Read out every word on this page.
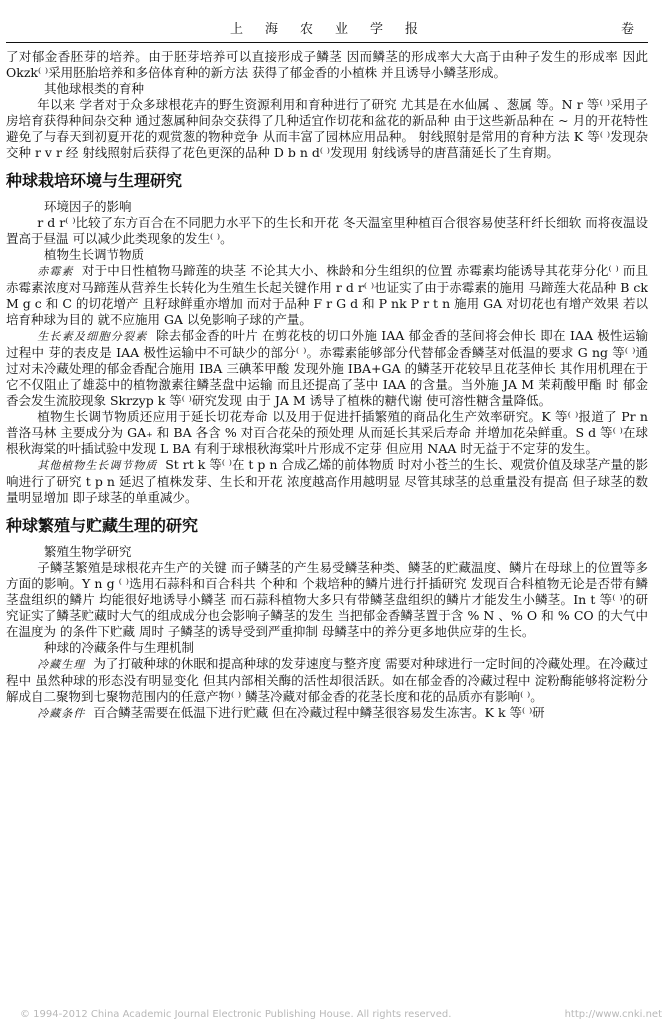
上海农业学报	卷

了对郁金香胚芽的培养。由于胚芽培养可以直接形成子鳞茎 因而鳞茎的形成率大大高于由种子发生的形成率 因此 Okzk⁽ ⁾采用胚胎培养和多倍体育种的新方法 获得了郁金香的小植株 并且诱导小鳞茎形成。

其他球根类的育种

年以来 学者对于众多球根花卉的野生资源利用和育种进行了研究 尤其是在水仙属 、葱属 等。N r 等⁽ ⁾采用子房培育获得种间杂交种 通过葱属种间杂交获得了几种适宜作切花和盆花的新品种 由于这些新品种在 ~ 月的开花特性 避免了与春天到初夏开花的观赏葱的物种竞争 从而丰富了园林应用品种。 射线照射是常用的育种方法 K 等⁽ ⁾发现杂交种 r v r 经 射线照射后获得了花色更深的品种 D b n d⁽ ⁾发现用 射线诱导的唐菖蒲延长了生育期。

种球栽培环境与生理研究
环境因子的影响

r d r⁽ ⁾比较了东方百合在不同肥力水平下的生长和开花 冬天温室里种植百合很容易使茎秆纤长细软 而将夜温设置高于昼温 可以减少此类现象的发生⁽ ⁾。

植物生长调节物质

赤霉素 对于中日性植物马蹄莲的块茎 不论其大小、株龄和分生组织的位置 赤霉素均能诱导其花芽分化⁽ ⁾ 而且赤霉素浓度对马蹄莲从营养生长转化为生殖生长起关键作用 r d r⁽ ⁾也证实了由于赤霉素的施用 马蹄莲大花品种 B ck M g c 和 C 的切花增产 且籽球鲜重亦增加 而对于品种 F r G d 和 P nk P r t n 施用 GA 对切花也有增产效果 若以培育种球为目的 就不应施用 GA 以免影响子球的产量。

生长素及细胞分裂素 除去郁金香的叶片 在剪花枝的切口外施 IAA 郁金香的茎间将会伸长 即在 IAA 极性运输过程中 芽的表皮是 IAA 极性运输中不可缺少的部分⁽ ⁾。赤霉素能够部分代替郁金香鳞茎对低温的要求 G ng 等⁽ ⁾通过对未冷藏处理的郁金香配合施用 IBA 三碘苯甲酸 发现外施 IBA+GA 的鳞茎开花较早且花茎伸长 其作用机理在于它不仅阻止了雄蕊中的植物激素往鳞茎盘中运输 而且还提高了茎中 IAA 的含量。当外施 JA M 茉莉酸甲酯 时 郁金香会发生流胶现象 Skrzyp k 等⁽ ⁾研究发现 由于 JA M 诱导了植株的糖代谢 使可溶性糖含量降低。

植物生长调节物质还应用于延长切花寿命 以及用于促进扦插繁殖的商品化生产效率研究。K 等⁽ ⁾报道了 Pr n 普洛马林 主要成分为 GA₊ 和 BA 各含 % 对百合花朵的预处理 从而延长其采后寿命 并增加花朵鲜重。S d 等⁽ ⁾在球根秋海棠的叶插试验中发现 L BA 有利于球根秋海棠叶片形成不定芽 但应用 NAA 时无益于不定芽的发生。

其他植物生长调节物质 St rt k 等⁽ ⁾在 t p n 合成乙烯的前体物质 时对小苍兰的生长、观赏价值及球茎产量的影响进行了研究 t p n 延迟了植株发芽、生长和开花 浓度越高作用越明显 尽管其球茎的总重量没有提高 但子球茎的数量明显增加 即子球茎的单重减少。

种球繁殖与贮藏生理的研究
繁殖生物学研究

子鳞茎繁殖是球根花卉生产的关键 而子鳞茎的产生易受鳞茎种类、鳞茎的贮藏温度、鳞片在母球上的位置等多方面的影响。Y n g ⁽ ⁾选用石蒜科和百合科共 个种和 个栽培种的鳞片进行扦插研究 发现百合科植物无论是否带有鳞茎盘组织的鳞片 均能很好地诱导小鳞茎 而石蒜科植物大多只有带鳞茎盘组织的鳞片才能发生小鳞茎。In t 等⁽ ⁾的研究证实了鳞茎贮藏时大气的组成成分也会影响子鳞茎的发生 当把郁金香鳞茎置于含 % N 、% O 和 % CO 的大气中 在温度为 的条件下贮藏 周时 子鳞茎的诱导受到严重抑制 母鳞茎中的养分更多地供应芽的生长。

种球的冷藏条件与生理机制

冷藏生理 为了打破种球的休眠和提高种球的发芽速度与整齐度 需要对种球进行一定时间的冷藏处理。在冷藏过程中 虽然种球的形态没有明显变化 但其内部相关酶的活性却很活跃。如在郁金香的冷藏过程中 淀粉酶能够将淀粉分解成自二聚物到七聚物范围内的任意产物⁽ ⁾ 鳞茎冷藏对郁金香的花茎长度和花的品质亦有影响⁽ ⁾。

冷藏条件 百合鳞茎需要在低温下进行贮藏 但在冷藏过程中鳞茎很容易发生冻害。K k 等⁽ ⁾研

© 1994-2012 China Academic Journal Electronic Publishing House. All rights reserved.	http://www.cnki.net
